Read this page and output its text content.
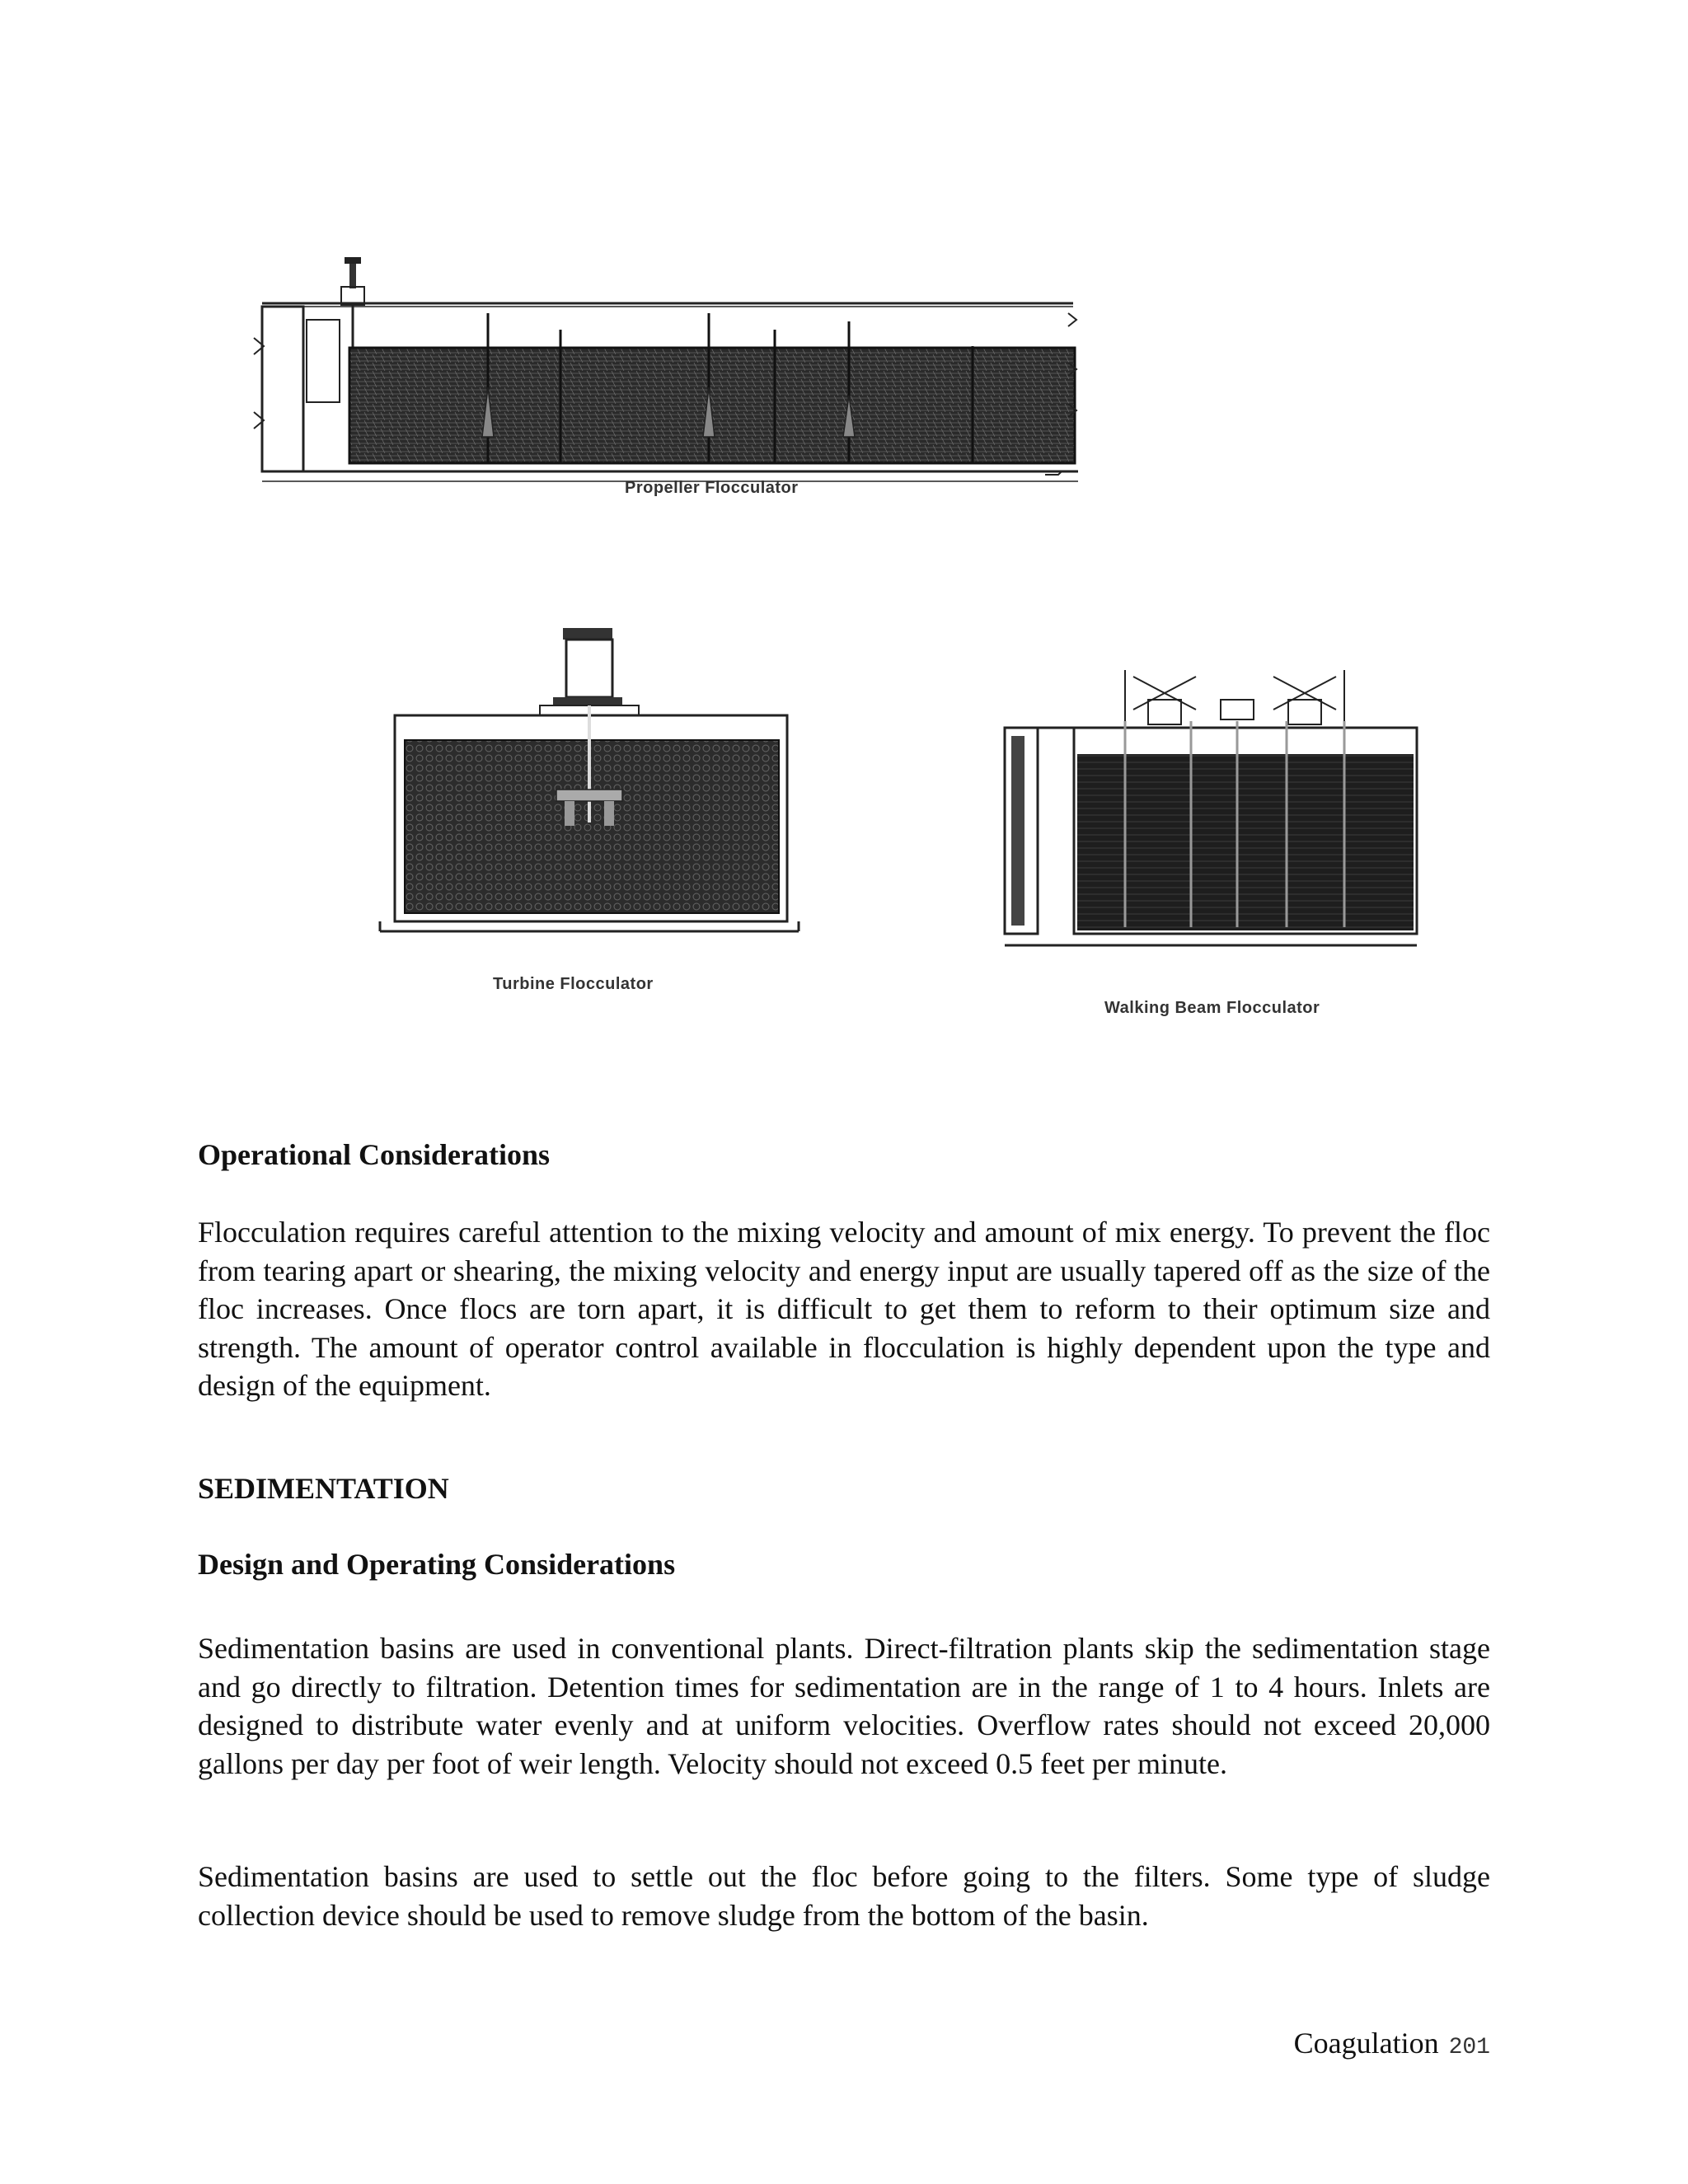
Propeller Flocculator
Turbine Flocculator
Walking Beam Flocculator
Operational Considerations

Flocculation requires careful attention to the mixing velocity and amount of mix energy. To prevent the floc from tearing apart or shearing, the mixing velocity and energy input are usually tapered off as the size of the floc increases. Once flocs are torn apart, it is difficult to get them to reform to their optimum size and strength. The amount of operator control available in flocculation is highly dependent upon the type and design of the equipment.

SEDIMENTATION
Design and Operating Considerations

Sedimentation basins are used in conventional plants. Direct-filtration plants skip the sedimentation stage and go directly to filtration. Detention times for sedimentation are in the range of 1 to 4 hours. Inlets are designed to distribute water evenly and at uniform velocities. Overflow rates should not exceed 20,000 gallons per day per foot of weir length. Velocity should not exceed 0.5 feet per minute.

Sedimentation basins are used to settle out the floc before going to the filters. Some type of sludge collection device should be used to remove sludge from the bottom of the basin.

Coagulation 201
